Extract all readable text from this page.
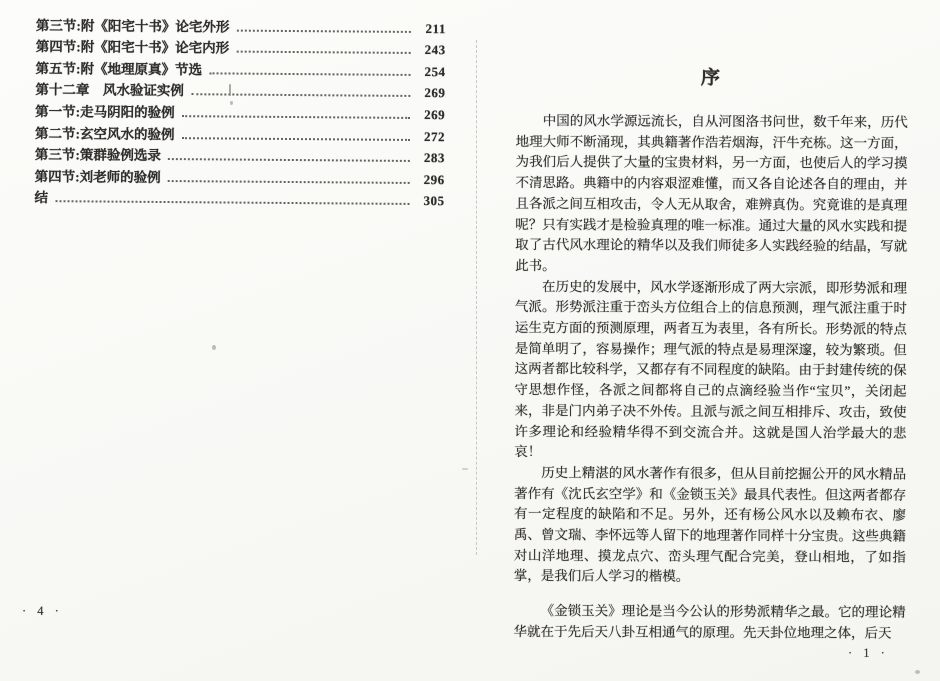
第三节:附《阳宅十书》论宅外形	211
第四节:附《阳宅十书》论宅内形	243
第五节:附《地理原真》节选	254
第十二章　风水验证实例	269
第一节:走马阴阳的验例	269
第二节:玄空风水的验例	272
第三节:策群验例选录	283
第四节:刘老师的验例	296
结	305
序

中国的风水学源远流长，自从河图洛书问世，数千年来，历代地理大师不断涌现，其典籍著作浩若烟海，汗牛充栋。这一方面，为我们后人提供了大量的宝贵材料，另一方面，也使后人的学习摸不清思路。典籍中的内容艰涩难懂，而又各自论述各自的理由，并且各派之间互相攻击，令人无从取舍，难辨真伪。究竟谁的是真理呢？只有实践才是检验真理的唯一标准。通过大量的风水实践和提取了古代风水理论的精华以及我们师徒多人实践经验的结晶，写就此书。

在历史的发展中，风水学逐渐形成了两大宗派，即形势派和理气派。形势派注重于峦头方位组合上的信息预测，理气派注重于时运生克方面的预测原理，两者互为表里，各有所长。形势派的特点是简单明了，容易操作；理气派的特点是易理深邃，较为繁琐。但这两者都比较科学，又都存有不同程度的缺陷。由于封建传统的保守思想作怪，各派之间都将自己的点滴经验当作“宝贝”，关闭起来，非是门内弟子决不外传。且派与派之间互相排斥、攻击，致使许多理论和经验精华得不到交流合并。这就是国人治学最大的悲哀！

历史上精湛的风水著作有很多，但从目前挖掘公开的风水精品著作有《沈氏玄空学》和《金锁玉关》最具代表性。但这两者都存有一定程度的缺陷和不足。另外，还有杨公风水以及赖布衣、廖禹、曾文瑞、李怀远等人留下的地理著作同样十分宝贵。这些典籍对山洋地理、摸龙点穴、峦头理气配合完美，登山相地，了如指掌，是我们后人学习的楷模。

《金锁玉关》理论是当今公认的形势派精华之最。它的理论精华就在于先后天八卦互相通气的原理。先天卦位地理之体，后天

· 4 ·
· 1 ·
